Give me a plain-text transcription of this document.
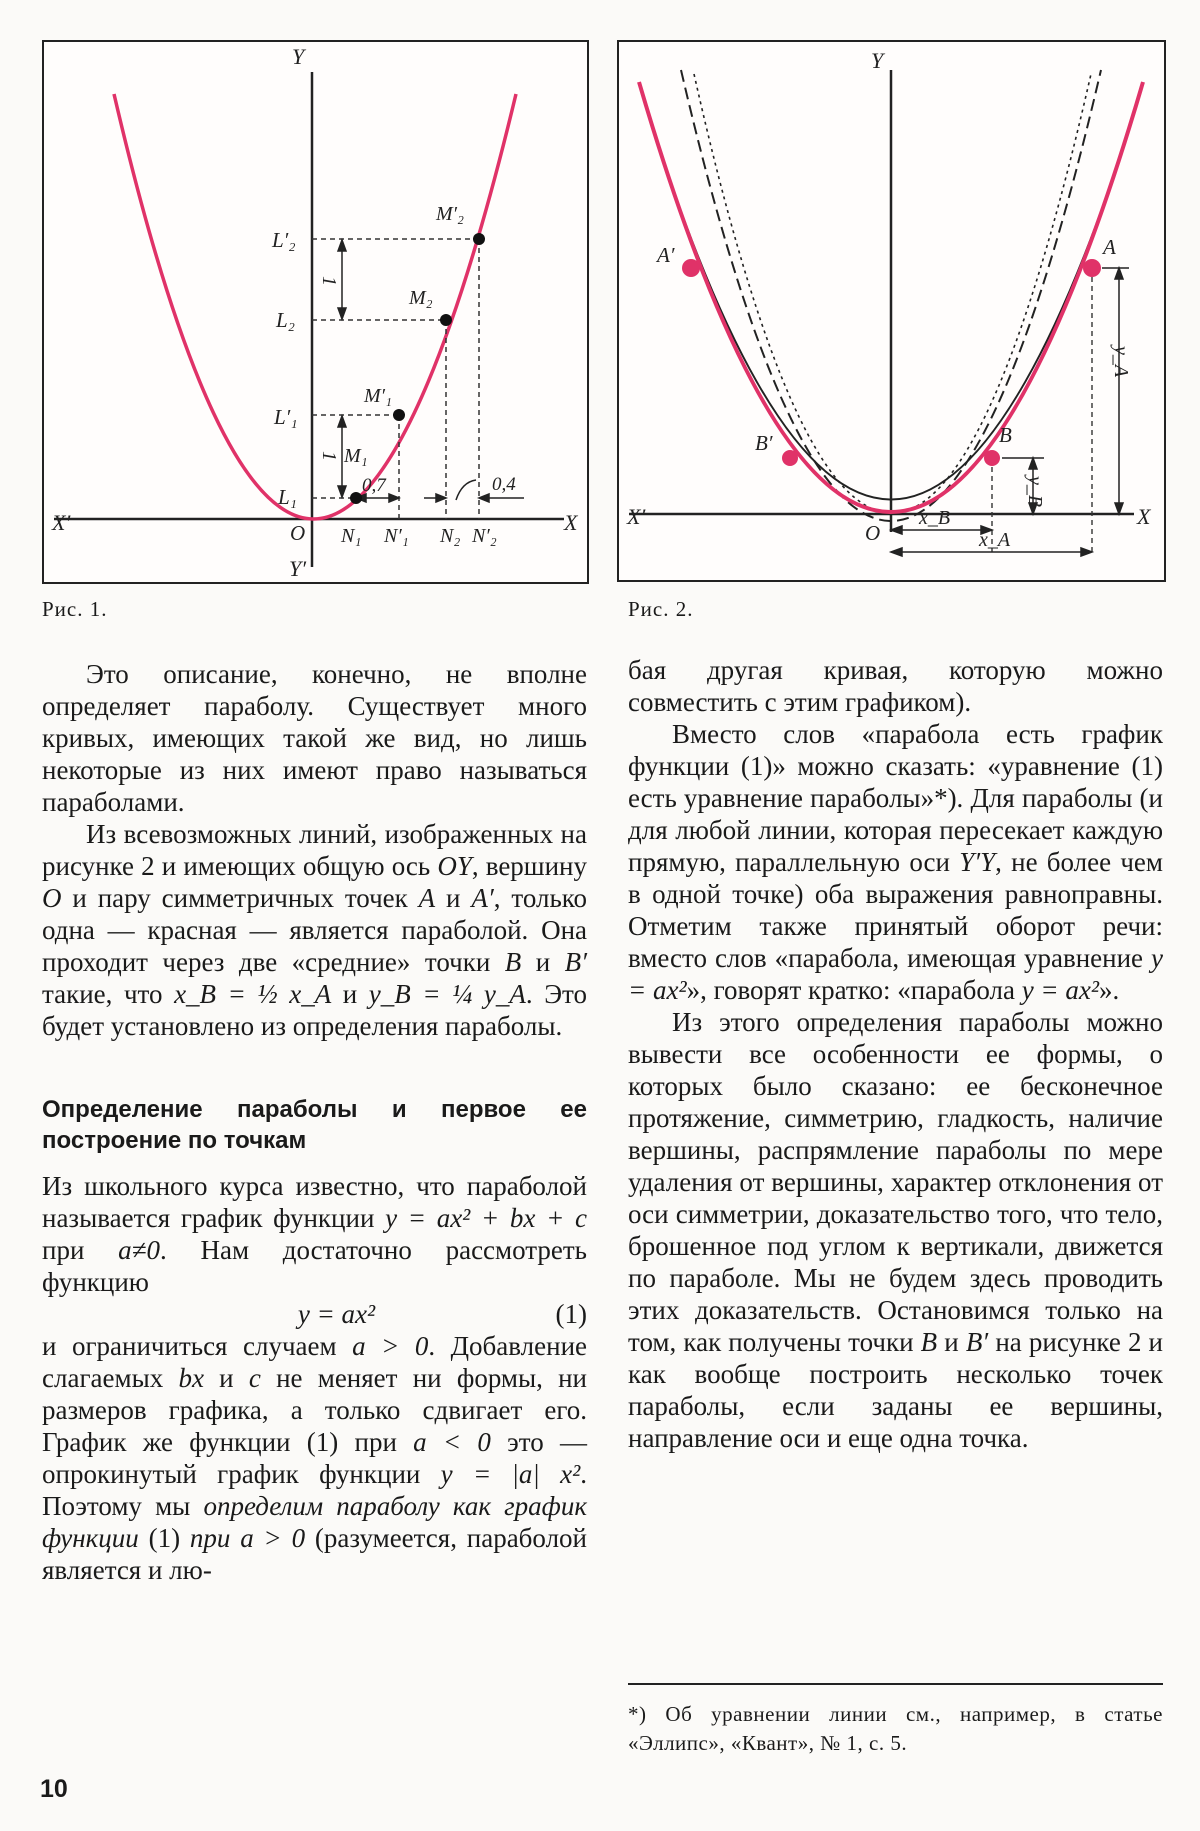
Y
Y′
X′	X
O
L₁
L′₁
L₂
L′₂
M₁
M′₁
M₂
M′₂
N₁ N′₁ N₂ N′₂
1
1
0,7	0,4
Рис. 1.
Y
X′	X
O
A′	A
B′	B
x_B
x_A
y_B
y_A
Рис. 2.

Это описание, конечно, не вполне определяет параболу. Существует много кривых, имеющих такой же вид, но лишь некоторые из них имеют право называться параболами.

Из всевозможных линий, изображенных на рисунке 2 и имеющих общую ось OY, вершину O и пару симметричных точек A и A′, только одна — красная — является параболой. Она проходит через две «средние» точки B и B′ такие, что x_B = ½ x_A и y_B = ¼ y_A. Это будет установлено из определения параболы.

Определение параболы и первое ее построение по точкам

Из школьного курса известно, что параболой называется график функции y = ax² + bx + c при a≠0. Нам достаточно рассмотреть функцию

y = ax²	(1)

и ограничиться случаем a > 0. Добавление слагаемых bx и c не меняет ни формы, ни размеров графика, а только сдвигает его. График же функции (1) при a < 0 это — опрокинутый график функции y = |a| x². Поэтому мы определим параболу как график функции (1) при a > 0 (разумеется, параболой является и лю-

бая другая кривая, которую можно совместить с этим графиком).

Вместо слов «парабола есть график функции (1)» можно сказать: «уравнение (1) есть уравнение параболы»*). Для параболы (и для любой линии, которая пересекает каждую прямую, параллельную оси Y′Y, не более чем в одной точке) оба выражения равноправны. Отметим также принятый оборот речи: вместо слов «парабола, имеющая уравнение y = ax²», говорят кратко: «парабола y = ax²».

Из этого определения параболы можно вывести все особенности ее формы, о которых было сказано: ее бесконечное протяжение, симметрию, гладкость, наличие вершины, распрямление параболы по мере удаления от вершины, характер отклонения от оси симметрии, доказательство того, что тело, брошенное под углом к вертикали, движется по параболе. Мы не будем здесь проводить этих доказательств. Остановимся только на том, как получены точки B и B′ на рисунке 2 и как вообще построить несколько точек параболы, если заданы ее вершины, направление оси и еще одна точка.

*) Об уравнении линии см., например, в статье «Эллипс», «Квант», № 1, с. 5.
10
